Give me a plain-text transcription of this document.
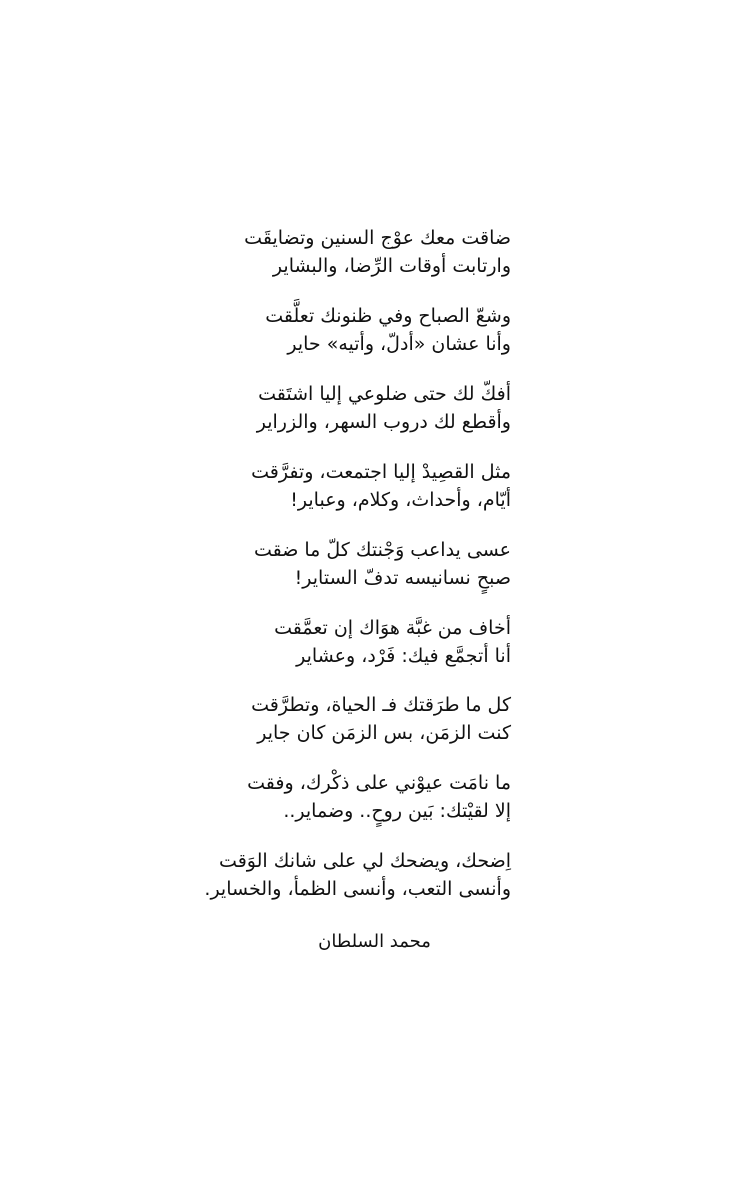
ضاقت معك عوْج السنين وتضايقَت
وارتابت أوقات الرِّضا، والبشاير
وشعّ الصباح وفي ظنونك تعلَّقت
وأنا عشان «أدلّ، وأتيه» حاير
أفكّ لك حتى ضلوعي إليا اشتَقت
وأقطع لك دروب السهر، والزراير
مثل القصِيدْ إليا اجتمعت، وتفرَّقت
أيّام، وأحداث، وكلام، وعباير!
عسى يداعب وَجْنتك كلّ ما ضقت
صبحٍ نسانيسه تدفّ الستاير!
أخاف من غبَّة هوَاك إن تعمَّقت
أنا أتجمَّع فيك: فَرْد، وعشاير
كل ما طرَقتك فـ الحياة، وتطرَّقت
كنت الزمَن، بس الزمَن كان جاير
ما نامَت عيوْني على ذكْرك، وفقت
إلا لقيْتك: بَين روحٍ.. وضماير..
اِضحك، ويضحك لي على شانك الوَقت
وأنسى التعب، وأنسى الظمأ، والخساير.
محمد السلطان
